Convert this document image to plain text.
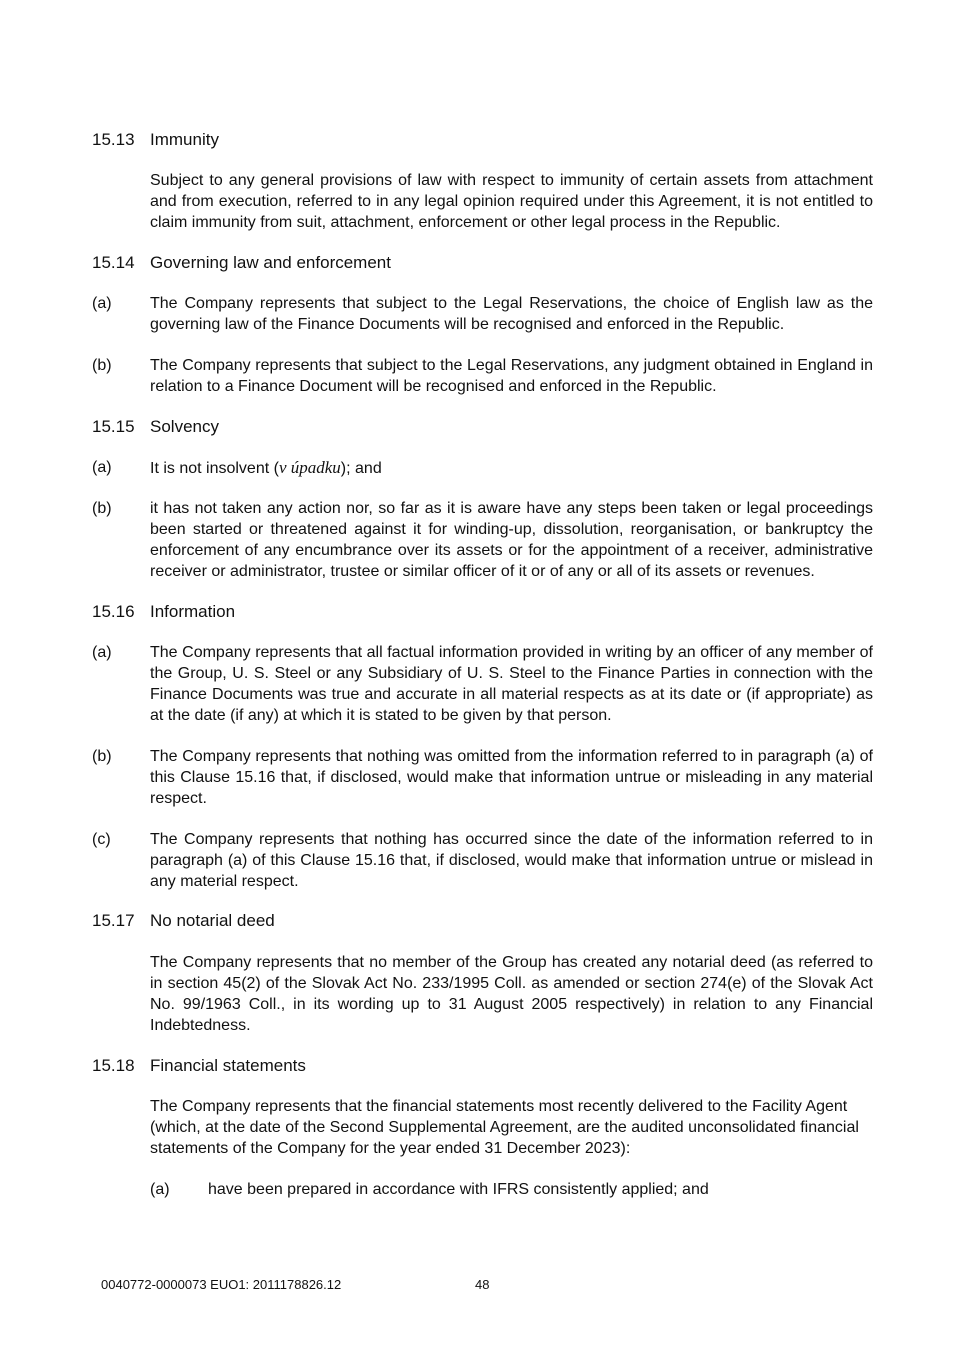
15.13 Immunity
Subject to any general provisions of law with respect to immunity of certain assets from attachment and from execution, referred to in any legal opinion required under this Agreement, it is not entitled to claim immunity from suit, attachment, enforcement or other legal process in the Republic.
15.14 Governing law and enforcement
(a) The Company represents that subject to the Legal Reservations, the choice of English law as the governing law of the Finance Documents will be recognised and enforced in the Republic.
(b) The Company represents that subject to the Legal Reservations, any judgment obtained in England in relation to a Finance Document will be recognised and enforced in the Republic.
15.15 Solvency
(a) It is not insolvent (v úpadku); and
(b) it has not taken any action nor, so far as it is aware have any steps been taken or legal proceedings been started or threatened against it for winding-up, dissolution, reorganisation, or bankruptcy the enforcement of any encumbrance over its assets or for the appointment of a receiver, administrative receiver or administrator, trustee or similar officer of it or of any or all of its assets or revenues.
15.16 Information
(a) The Company represents that all factual information provided in writing by an officer of any member of the Group, U. S. Steel or any Subsidiary of U. S. Steel to the Finance Parties in connection with the Finance Documents was true and accurate in all material respects as at its date or (if appropriate) as at the date (if any) at which it is stated to be given by that person.
(b) The Company represents that nothing was omitted from the information referred to in paragraph (a) of this Clause 15.16 that, if disclosed, would make that information untrue or misleading in any material respect.
(c) The Company represents that nothing has occurred since the date of the information referred to in paragraph (a) of this Clause 15.16 that, if disclosed, would make that information untrue or mislead in any material respect.
15.17 No notarial deed
The Company represents that no member of the Group has created any notarial deed (as referred to in section 45(2) of the Slovak Act No. 233/1995 Coll. as amended or section 274(e) of the Slovak Act No. 99/1963 Coll., in its wording up to 31 August 2005 respectively) in relation to any Financial Indebtedness.
15.18 Financial statements
The Company represents that the financial statements most recently delivered to the Facility Agent (which, at the date of the Second Supplemental Agreement, are the audited unconsolidated financial statements of the Company for the year ended 31 December 2023):
(a) have been prepared in accordance with IFRS consistently applied; and
0040772-0000073 EUO1: 2011178826.12	48
